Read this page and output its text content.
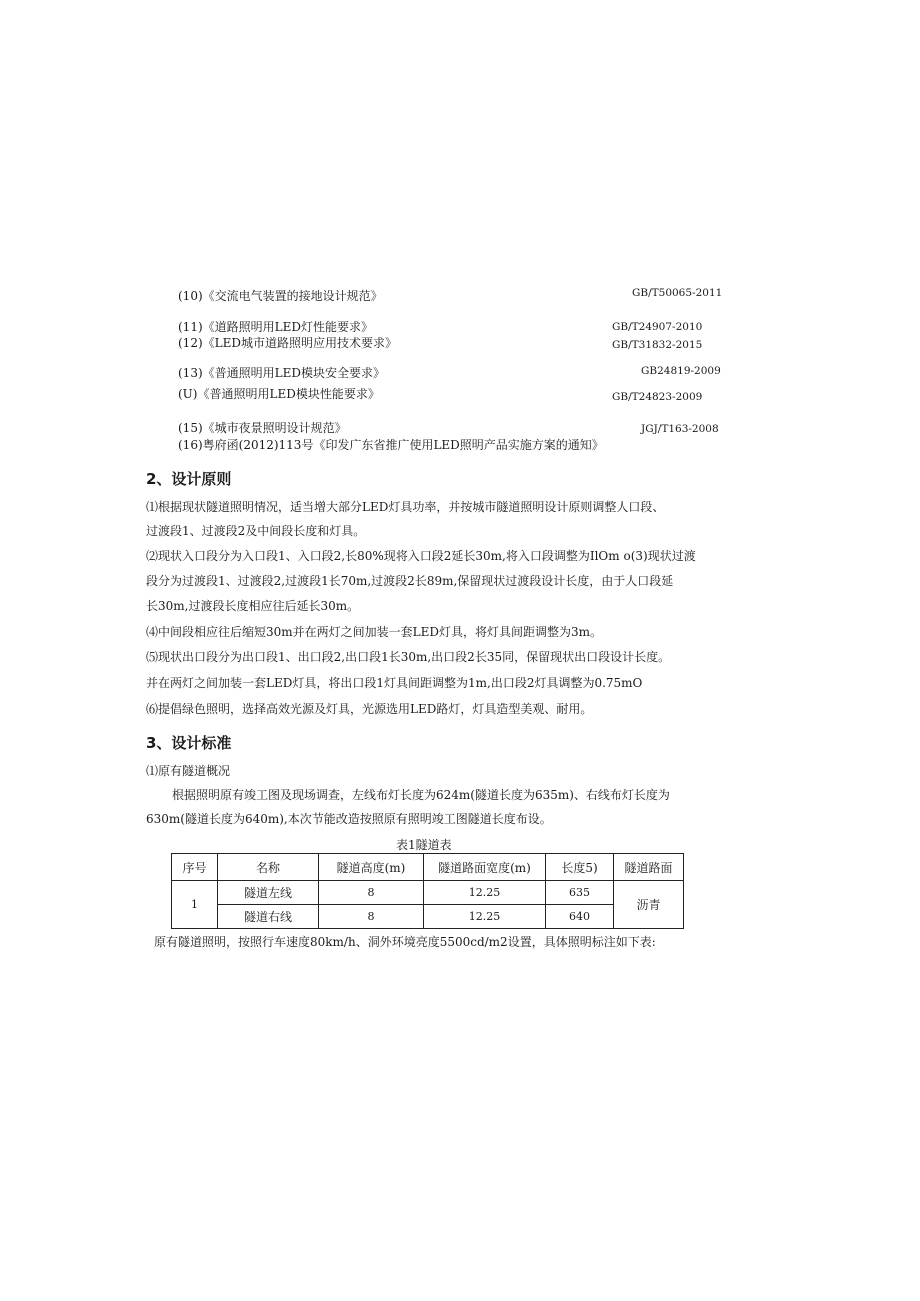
(10)《交流电气装置的接地设计规范》	GB/T50065-2011
(11)《道路照明用LED灯性能要求》	GB/T24907-2010
(12)《LED城市道路照明应用技术要求》	GB/T31832-2015
(13)《普通照明用LED模块安全要求》	GB24819-2009
(U)《普通照明用LED模块性能要求》	GB/T24823-2009
(15)《城市夜景照明设计规范》	JGJ/T163-2008
(16)粤府函(2012)113号《印发广东省推广使用LED照明产品实施方案的通知》
2、设计原则
⑴根据现状隧道照明情况，适当增大部分LED灯具功率，并按城市隧道照明设计原则调整人口段、
过渡段1、过渡段2及中间段长度和灯具。
⑵现状入口段分为入口段1、入口段2,长80%现将入口段2延长30m,将入口段调整为IlOm o(3)现状过渡
段分为过渡段1、过渡段2,过渡段1长70m,过渡段2长89m,保留现状过渡段设计长度，由于人口段延
长30m,过渡段长度相应往后延长30m。
⑷中间段相应往后缩短30m并在两灯之间加装一套LED灯具，将灯具间距调整为3m。
⑸现状出口段分为出口段1、出口段2,出口段1长30m,出口段2长35同，保留现状出口段设计长度。
并在两灯之间加装一套LED灯具，将出口段1灯具间距调整为1m,出口段2灯具调整为0.75mO
⑹提倡绿色照明，选择高效光源及灯具，光源选用LED路灯，灯具造型美观、耐用。
3、设计标准
⑴原有隧道概况
根据照明原有竣工图及现场调查，左线布灯长度为624m(隧道长度为635m)、右线布灯长度为
630m(隧道长度为640m),本次节能改造按照原有照明竣工图隧道长度布设。
表1隧道表
序号	名称	隧道高度(m)	隧道路面宽度(m)	长度5)	隧道路面
1	隧道左线	8	12.25	635	沥青
	隧道右线	8	12.25	640	
原有隧道照明，按照行车速度80km/h、洞外环境亮度5500cd/m2设置，具体照明标注如下表:
